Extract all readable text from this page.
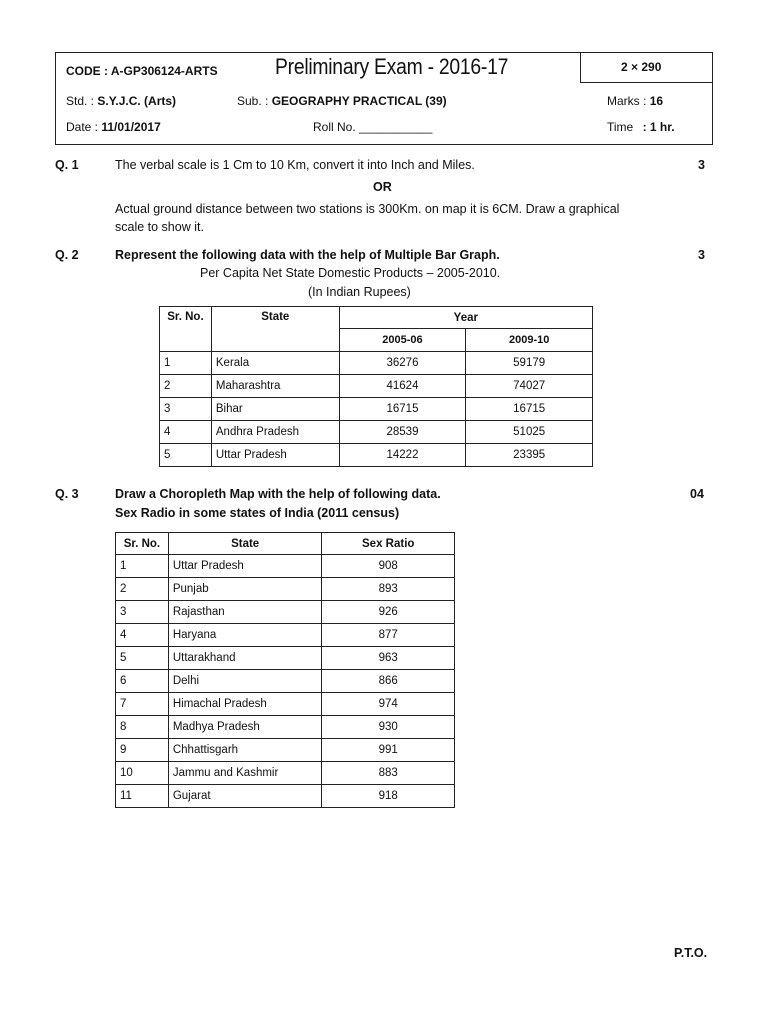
CODE : A-GP306124-ARTS	Preliminary Exam - 2016-17	2 × 290
Std. : S.Y.J.C. (Arts)	Sub. : GEOGRAPHY PRACTICAL (39)	Marks : 16
Date : 11/01/2017	Roll No. ___________	Time : 1 hr.
Q. 1	The verbal scale is 1 Cm to 10 Km, convert it into Inch and Miles.	3
OR
Actual ground distance between two stations is 300Km. on map it is 6CM. Draw a graphical
scale to show it.
Q. 2	Represent the following data with the help of Multiple Bar Graph.	3
Per Capita Net State Domestic Products – 2005-2010.
(In Indian Rupees)
Sr. No.	State	Year	
		2005-06	2009-10
1	Kerala	36276	59179
2	Maharashtra	41624	74027
3	Bihar	16715	16715
4	Andhra Pradesh	28539	51025
5	Uttar Pradesh	14222	23395
Q. 3	Draw a Choropleth Map with the help of following data.	04
Sex Radio in some states of India (2011 census)
Sr. No.	State	Sex Ratio
1	Uttar Pradesh	908
2	Punjab	893
3	Rajasthan	926
4	Haryana	877
5	Uttarakhand	963
6	Delhi	866
7	Himachal Pradesh	974
8	Madhya Pradesh	930
9	Chhattisgarh	991
10	Jammu and Kashmir	883
11	Gujarat	918
P.T.O.
